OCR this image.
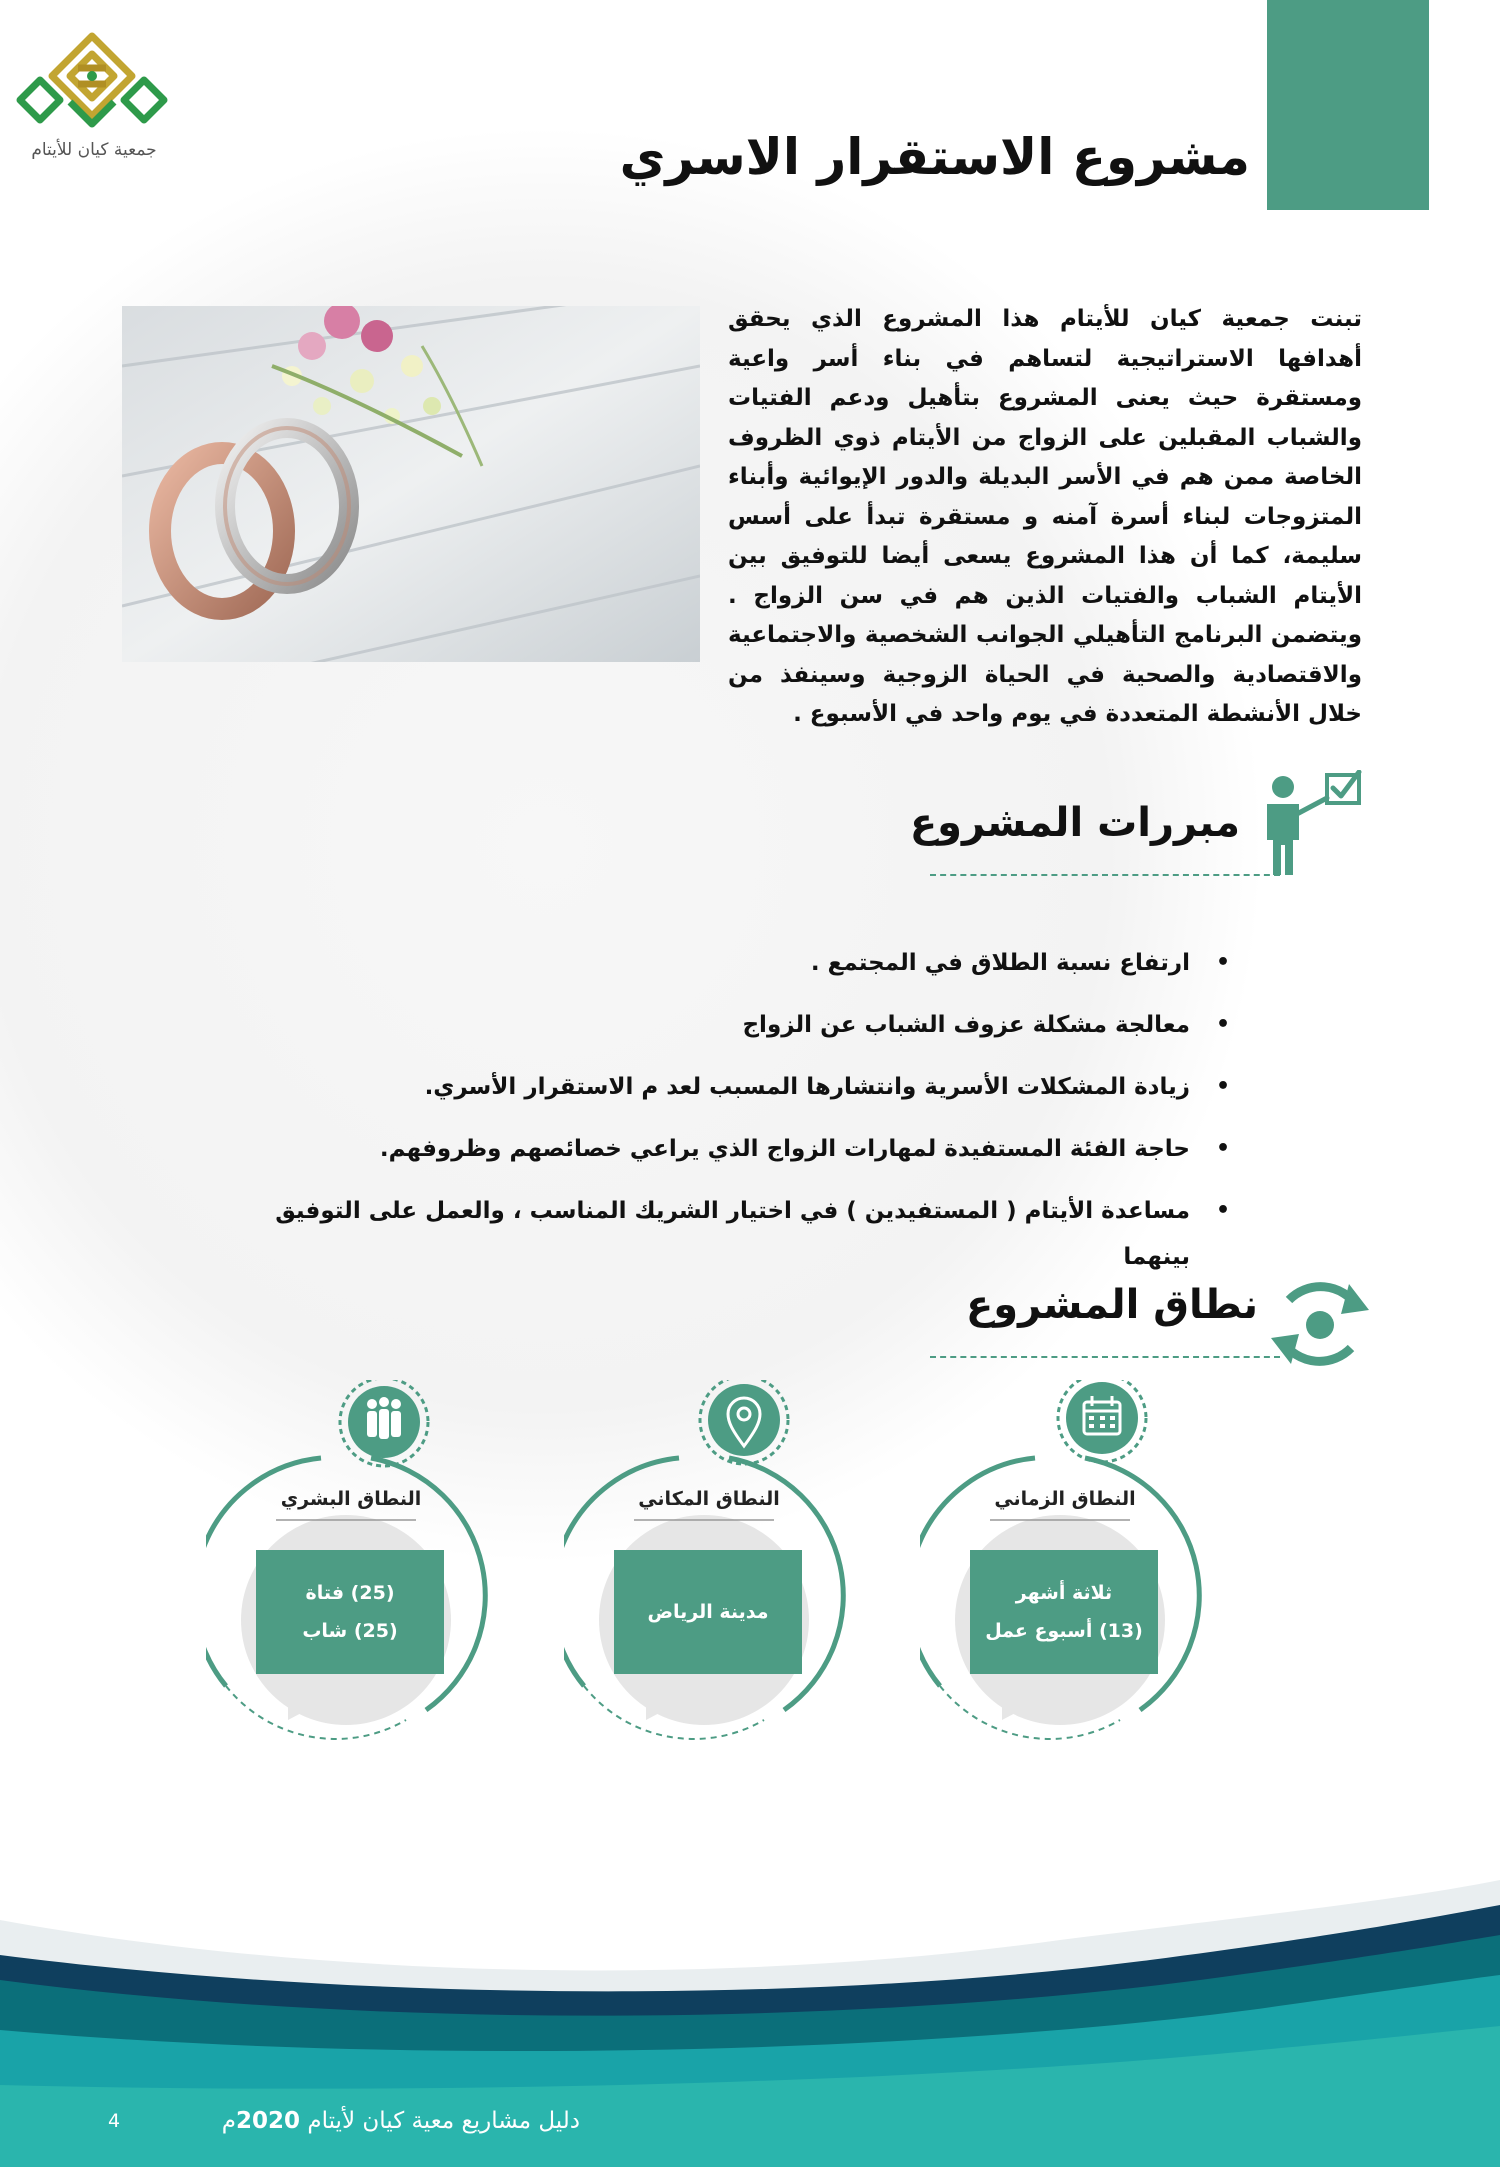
جمعية كيان للأيتام	مشروع الاستقرار الاسري
تبنت جمعية كيان للأيتام هذا المشروع الذي يحقق أهدافها الاستراتيجية لتساهم في بناء أسر واعية ومستقرة حيث يعنى المشروع بتأهيل ودعم الفتيات والشباب المقبلين على الزواج من الأيتام ذوي الظروف الخاصة ممن هم في الأسر البديلة والدور الإيوائية وأبناء المتزوجات لبناء أسرة آمنه و مستقرة تبدأ على أسس سليمة، كما أن هذا المشروع يسعى أيضا للتوفيق بين الأيتام الشباب والفتيات الذين هم في سن الزواج . ويتضمن البرنامج التأهيلي الجوانب الشخصية والاجتماعية والاقتصادية والصحية في الحياة الزوجية وسينفذ من خلال الأنشطة المتعددة في يوم واحد في الأسبوع .
مبررات المشروع
• ارتفاع نسبة الطلاق في المجتمع .
• معالجة مشكلة عزوف الشباب عن الزواج
• زيادة المشكلات الأسرية وانتشارها المسبب لعد م الاستقرار الأسري.
• حاجة الفئة المستفيدة لمهارات الزواج الذي يراعي خصائصهم وظروفهم.
• مساعدة الأيتام ( المستفيدين ) في اختيار الشريك المناسب ، والعمل على التوفيق بينهما
نطاق المشروع
النطاق الزماني
ثلاثة أشهر
(13) أسبوع عمل
النطاق المكاني
مدينة الرياض
النطاق البشري
(25) فتاة
(25) شاب
4	دليل مشاريع معية كيان لأيتام 2020م
